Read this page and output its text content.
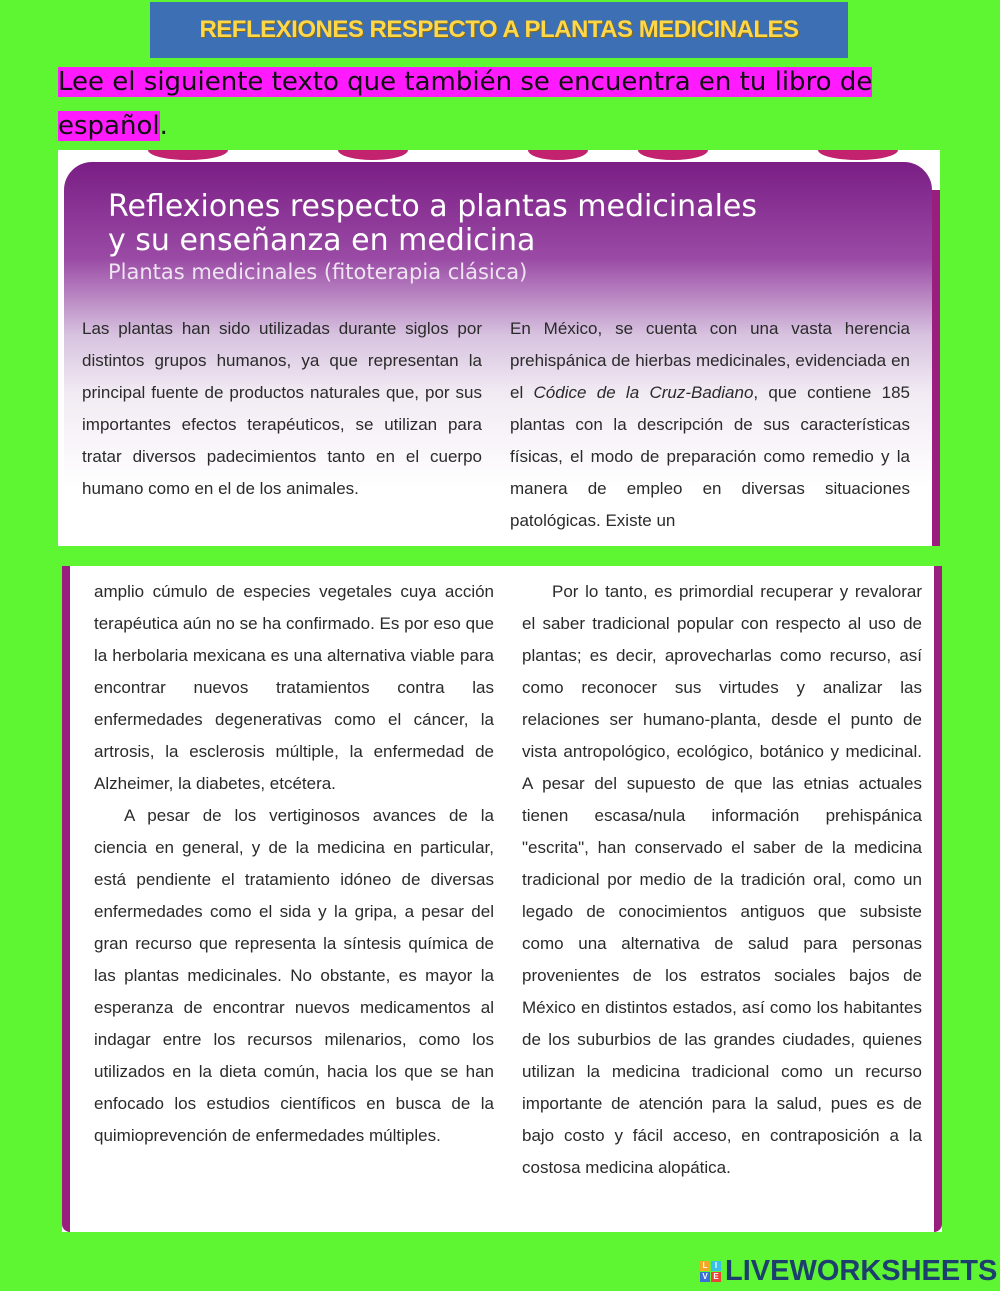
REFLEXIONES RESPECTO A PLANTAS MEDICINALES
Lee el siguiente texto que también se encuentra en tu libro de
español.
Reflexiones respecto a plantas medicinales
y su enseñanza en medicina
Plantas medicinales (fitoterapia clásica)

Las plantas han sido utilizadas durante siglos por distintos grupos humanos, ya que representan la principal fuente de productos naturales que, por sus importantes efectos terapéuticos, se utilizan para tratar diversos padecimientos tanto en el cuerpo humano como en el de los animales.

En México, se cuenta con una vasta herencia prehispánica de hierbas medicinales, evidenciada en el Códice de la Cruz-Badiano, que contiene 185 plantas con la descripción de sus características físicas, el modo de preparación como remedio y la manera de empleo en diversas situaciones patológicas. Existe un

amplio cúmulo de especies vegetales cuya acción terapéutica aún no se ha confirmado. Es por eso que la herbolaria mexicana es una alternativa viable para encontrar nuevos tratamientos contra las enfermedades degenerativas como el cáncer, la artrosis, la esclerosis múltiple, la enfermedad de Alzheimer, la diabetes, etcétera.

A pesar de los vertiginosos avances de la ciencia en general, y de la medicina en particular, está pendiente el tratamiento idóneo de diversas enfermedades como el sida y la gripa, a pesar del gran recurso que representa la síntesis química de las plantas medicinales. No obstante, es mayor la esperanza de encontrar nuevos medicamentos al indagar entre los recursos milenarios, como los utilizados en la dieta común, hacia los que se han enfocado los estudios científicos en busca de la quimioprevención de enfermedades múltiples.

Por lo tanto, es primordial recuperar y revalorar el saber tradicional popular con respecto al uso de plantas; es decir, aprovecharlas como recurso, así como reconocer sus virtudes y analizar las relaciones ser humano-planta, desde el punto de vista antropológico, ecológico, botánico y medicinal. A pesar del supuesto de que las etnias actuales tienen escasa/nula información prehispánica "escrita", han conservado el saber de la medicina tradicional por medio de la tradición oral, como un legado de conocimientos antiguos que subsiste como una alternativa de salud para personas provenientes de los estratos sociales bajos de México en distintos estados, así como los habitantes de los suburbios de las grandes ciudades, quienes utilizan la medicina tradicional como un recurso importante de atención para la salud, pues es de bajo costo y fácil acceso, en contraposición a la costosa medicina alopática.

L I
V E LIVEWORKSHEETS
